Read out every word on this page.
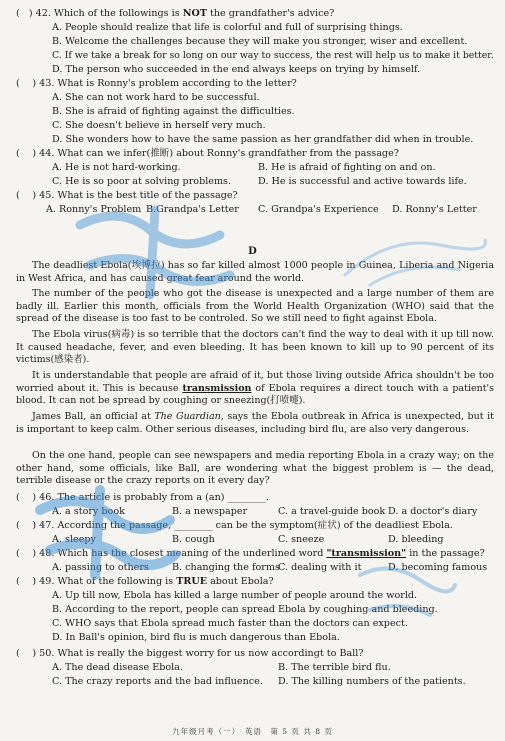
(   ) 42. Which of the followings is NOT the grandfather's advice?
A. People should realize that life is colorful and full of surprising things.
B. Welcome the challenges because they will make you stronger, wiser and excellent.
C. If we take a break for so long on our way to success, the rest will help us to make it better.
D. The person who succeeded in the end always keeps on trying by himself.
(　 ) 43. What is Ronny's problem according to the letter?
A. She can not work hard to be successful.
B. She is afraid of fighting against the difficulties.
C. She doesn't believe in herself very much.
D. She wonders how to have the same passion as her grandfather did when in trouble.
(　 ) 44. What can we infer(推断) about Ronny's grandfather from the passage?
A. He is not hard-working.	B. He is afraid of fighting on and on.
C. He is so poor at solving problems.	D. He is successful and active towards life.
(　 ) 45. What is the best title of the passage?
A. Ronny's Problem B.Grandpa's Letter C. Grandpa's Experience D. Ronny's Letter
D
The deadliest Ebola(埃博拉) has so far killed almost 1000 people in Guinea, Liberia and Nigeria in West Africa, and has caused great fear around the world.
The number of the people who got the disease is unexpected and a large number of them are badly ill. Earlier this month, officials from the World Health Organization (WHO) said that the spread of the disease is too fast to be controled. So we still need to fight against Ebola.
The Ebola virus(病毒) is so terrible that the doctors can't find the way to deal with it up till now. It caused headache, fever, and even bleeding. It has been known to kill up to 90 percent of its victims(感染者).
It is understandable that people are afraid of it, but those living outside Africa shouldn't be too worried about it. This is because transmission of Ebola requires a direct touch with a patient's blood. It can not be spread by coughing or sneezing(打喷嚏).
James Ball, an official at The Guardian, says the Ebola outbreak in Africa is unexpected, but it is important to keep calm. Other serious diseases, including bird flu, are also very dangerous.
On the one hand, people can see newspapers and media reporting Ebola in a crazy way; on the other hand, some officials, like Ball, are wondering what the biggest problem is — the dead, terrible disease or the crazy reports on it every day?
(　 ) 46. The article is probably from a (an) ________.
A. a story book	B. a newspaper	C. a travel-guide book D. a doctor's diary
(　 ) 47. According the passage, ________ can be the symptom(症状) of the deadliest Ebola.
A. sleepy	B. cough	C. sneeze	D. bleeding
(　 ) 48. Which has the closest meaning of the underlined word "transmission" in the passage?
A. passing to others B. changing the forms
C. dealing with it	D. becoming famous
(　 ) 49. What of the following is TRUE about Ebola?
A. Up till now, Ebola has killed a large number of people around the world.
B. According to the report, people can spread Ebola by coughing and bleeding.
C. WHO says that Ebola spread much faster than the doctors can expect.
D. In Ball's opinion, bird flu is much dangerous than Ebola.
(　 ) 50. What is really the biggest worry for us now accordingt to Ball?
A. The dead disease Ebola.	B. The terrible bird flu.
C. The crazy reports and the bad influence. D. The killing numbers of the patients.
九年级月考（一）　英语　第 5 页 共 8 页
